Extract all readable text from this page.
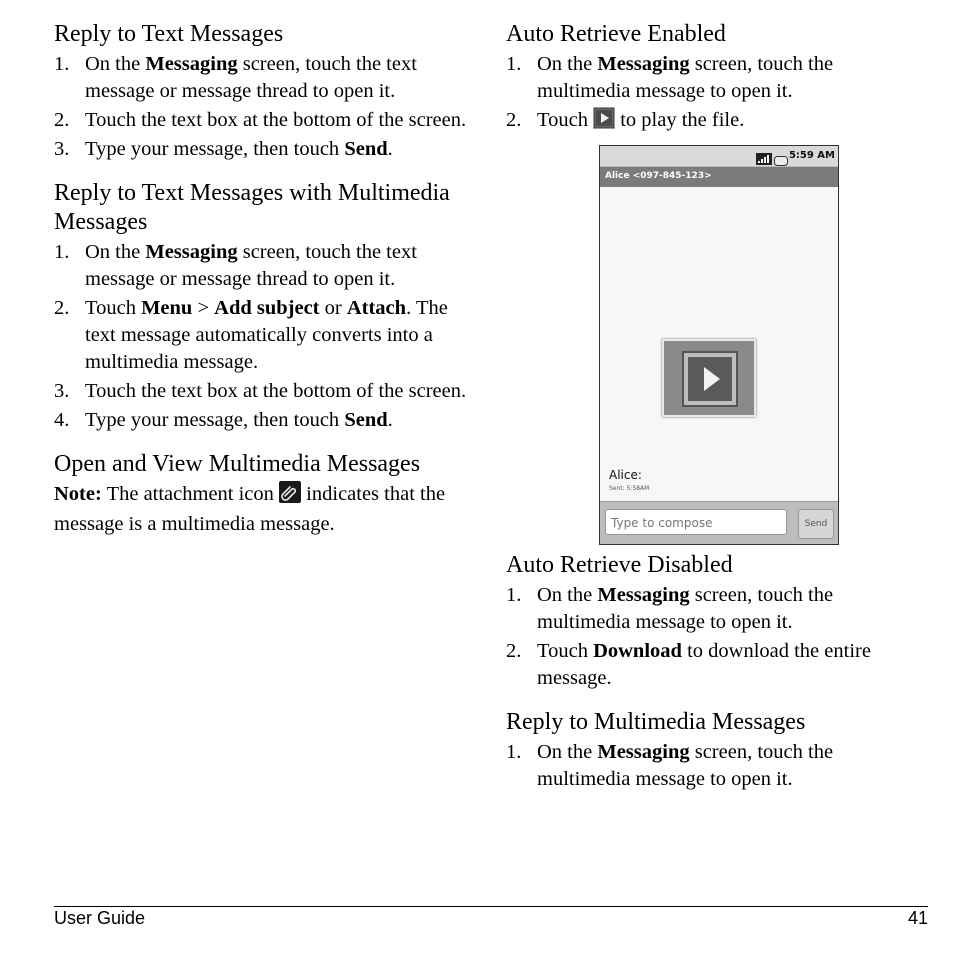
Reply to Text Messages
1. On the Messaging screen, touch the text message or message thread to open it.
2. Touch the text box at the bottom of the screen.
3. Type your message, then touch Send.
Reply to Text Messages with Multimedia Messages
1. On the Messaging screen, touch the text message or message thread to open it.
2. Touch Menu > Add subject or Attach. The text message automatically converts into a multimedia message.
3. Touch the text box at the bottom of the screen.
4. Type your message, then touch Send.
Open and View Multimedia Messages

Note: The attachment icon  indicates that the message is a multimedia message.

Auto Retrieve Enabled
1. On the Messaging screen, touch the multimedia message to open it.
2. Touch  to play the file.
Auto Retrieve Disabled
1. On the Messaging screen, touch the multimedia message to open it.
2. Touch Download to download the entire message.
Reply to Multimedia Messages
1. On the Messaging screen, touch the multimedia message to open it.
5:59 AM
Alice <097-845-123>
Alice:
Sent: 5:58AM
Type to compose	Send
User Guide	41
